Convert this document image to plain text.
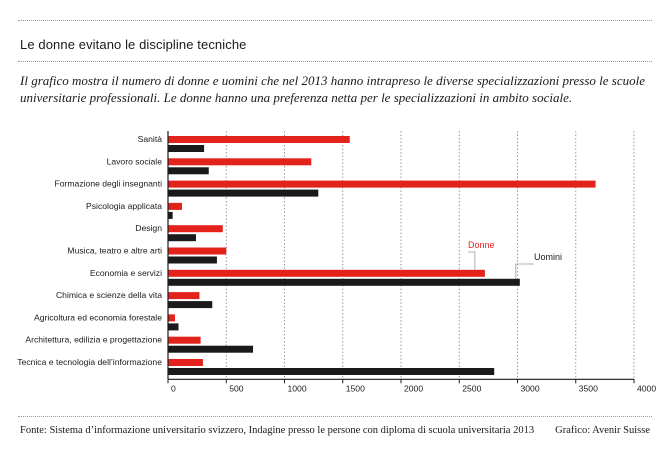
Le donne evitano le discipline tecniche
Il grafico mostra il numero di donne e uomini che nel 2013 hanno intrapreso le diverse specializzazioni presso le scuole universitarie professionali. Le donne hanno una preferenza netta per le specializzazioni in ambito sociale.
Sanità
Lavoro sociale
Formazione degli insegnanti
Psicologia applicata
Design
Musica, teatro e altre arti
Economia e servizi
Chimica e scienze della vita
Agricoltura ed economia forestale
Architettura, edilizia e progettazione
Tecnica e tecnologia dell’informazione
0	500	1000	1500	2000	2500	3000	3500	4000
Donne
Uomini
Fonte: Sistema d’informazione universitario svizzero, Indagine presso le persone con diploma di scuola universitaria 2013 Grafico: Avenir Suisse
